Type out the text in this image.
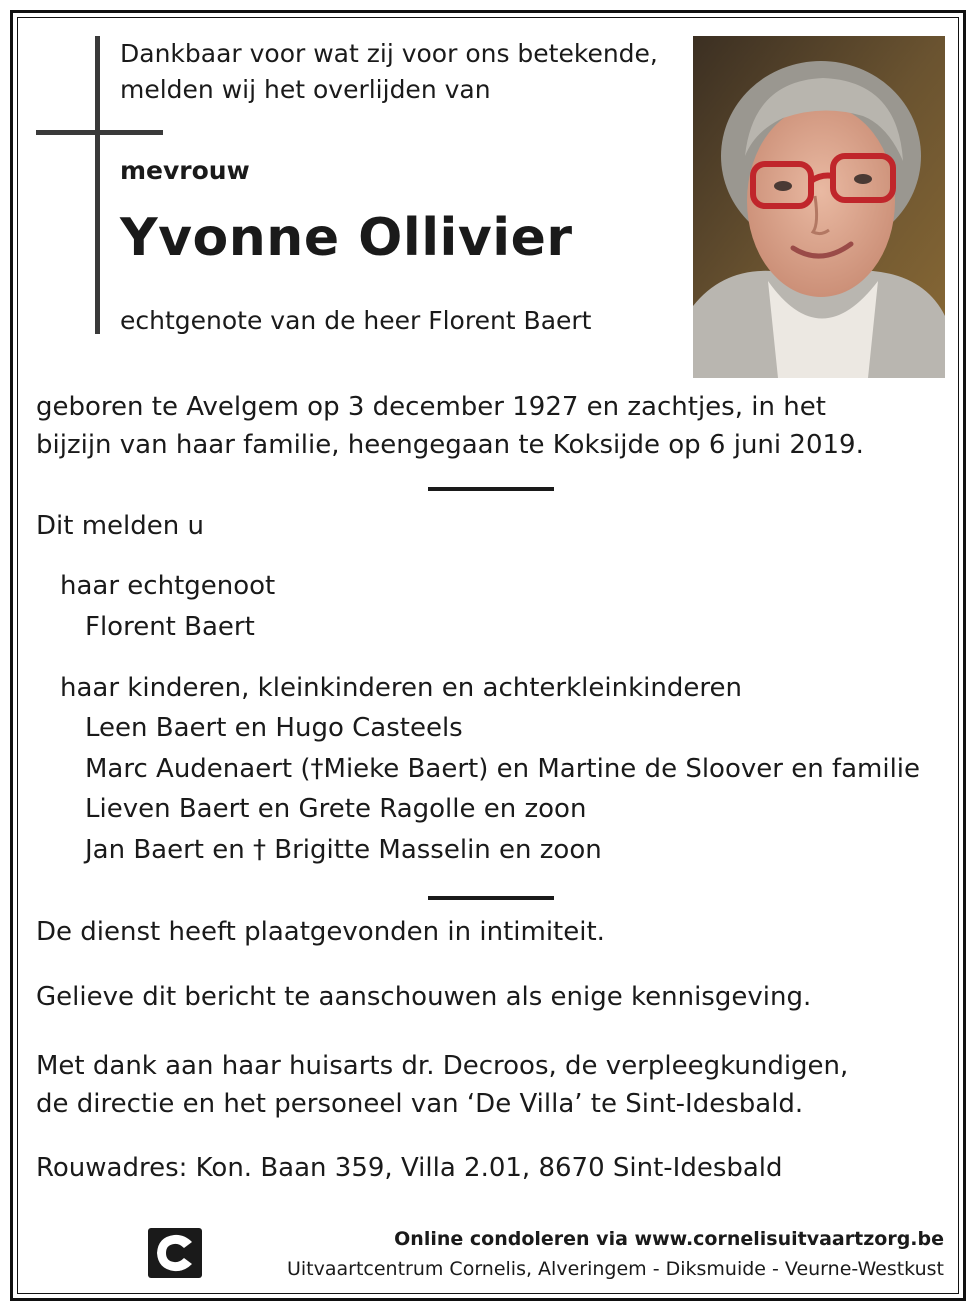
Dankbaar voor wat zij voor ons betekende,
melden wij het overlijden van
mevrouw
Yvonne Ollivier
echtgenote van de heer Florent Baert
geboren te Avelgem op 3 december 1927 en zachtjes, in het
bijzijn van haar familie, heengegaan te Koksijde op 6 juni 2019.
Dit melden u
haar echtgenoot
Florent Baert
haar kinderen, kleinkinderen en achterkleinkinderen
Leen Baert en Hugo Casteels
Marc Audenaert (†Mieke Baert) en Martine de Sloover en familie
Lieven Baert en Grete Ragolle en zoon
Jan Baert en † Brigitte Masselin en zoon
De dienst heeft plaatgevonden in intimiteit.
Gelieve dit bericht te aanschouwen als enige kennisgeving.
Met dank aan haar huisarts dr. Decroos, de verpleegkundigen,
de directie en het personeel van ‘De Villa’ te Sint-Idesbald.
Rouwadres: Kon. Baan 359, Villa 2.01, 8670 Sint-Idesbald
Online condoleren via www.cornelisuitvaartzorg.be
Uitvaartcentrum Cornelis, Alveringem - Diksmuide - Veurne-Westkust
